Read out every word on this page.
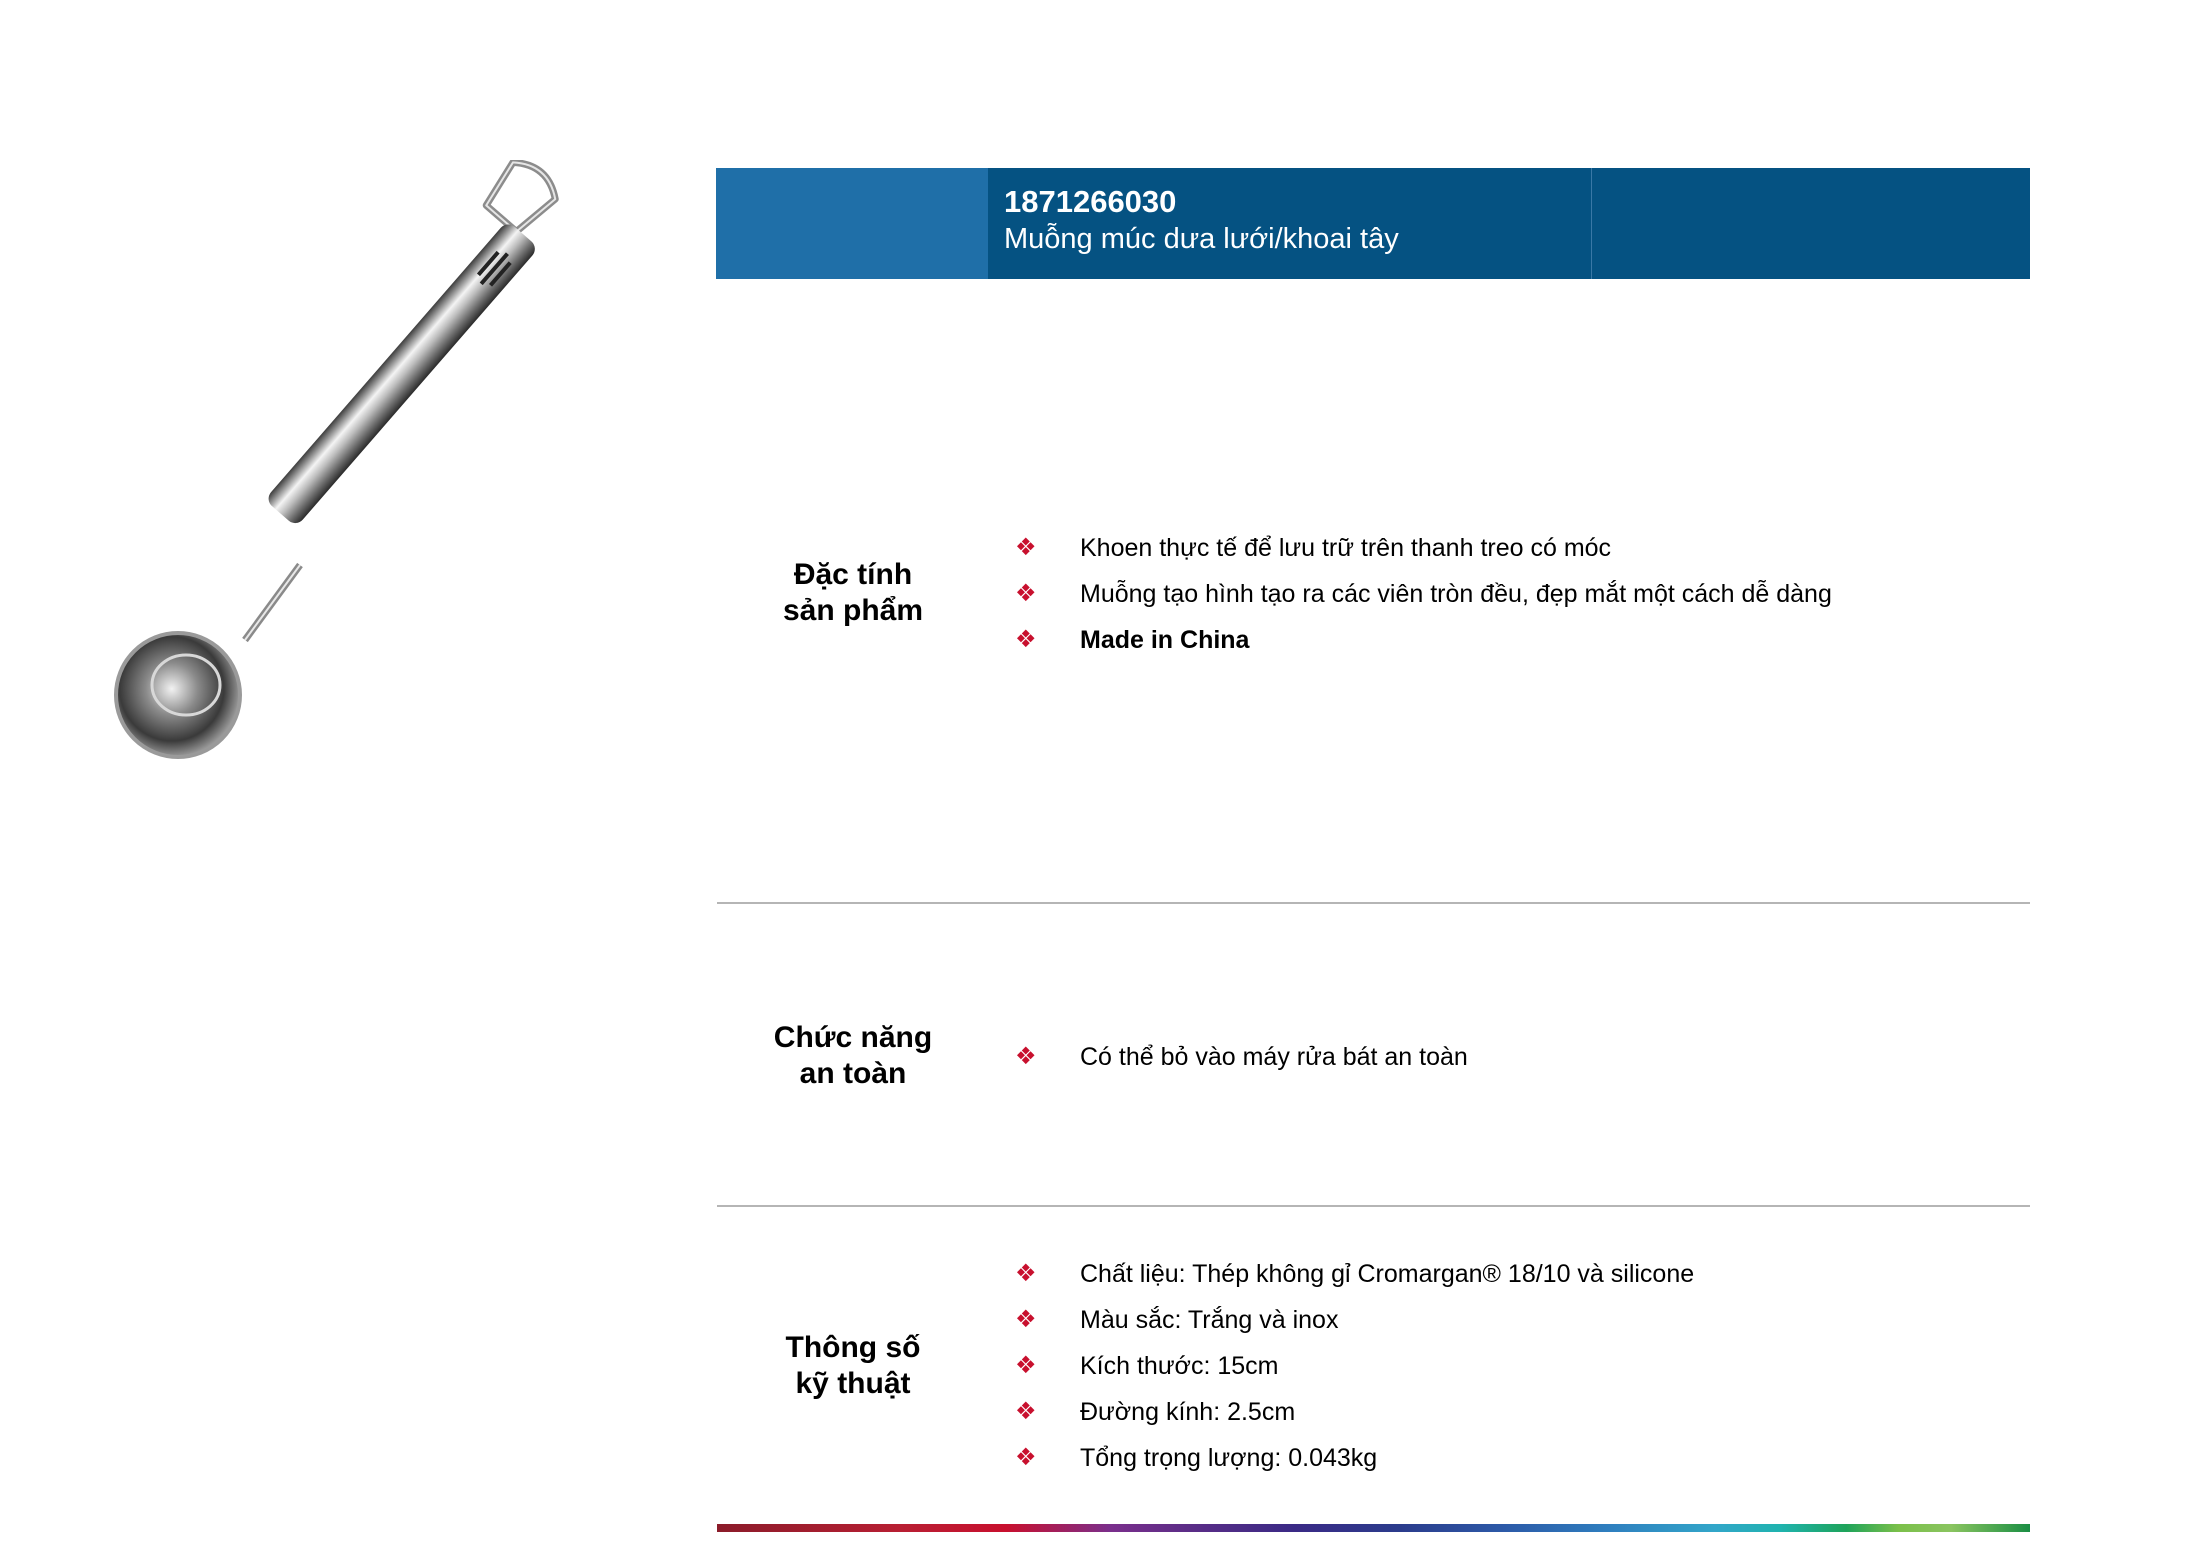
1871266030
Muỗng múc dưa lưới/khoai tây
Đặc tính
sản phẩm
❖ Khoen thực tế để lưu trữ trên thanh treo có móc
❖ Muỗng tạo hình tạo ra các viên tròn đều, đẹp mắt một cách dễ dàng
❖ Made in China
Chức năng
an toàn
❖ Có thể bỏ vào máy rửa bát an toàn
Thông số
kỹ thuật
❖ Chất liệu: Thép không gỉ Cromargan® 18/10 và silicone
❖ Màu sắc: Trắng và inox
❖ Kích thước: 15cm
❖ Đường kính: 2.5cm
❖ Tổng trọng lượng: 0.043kg
